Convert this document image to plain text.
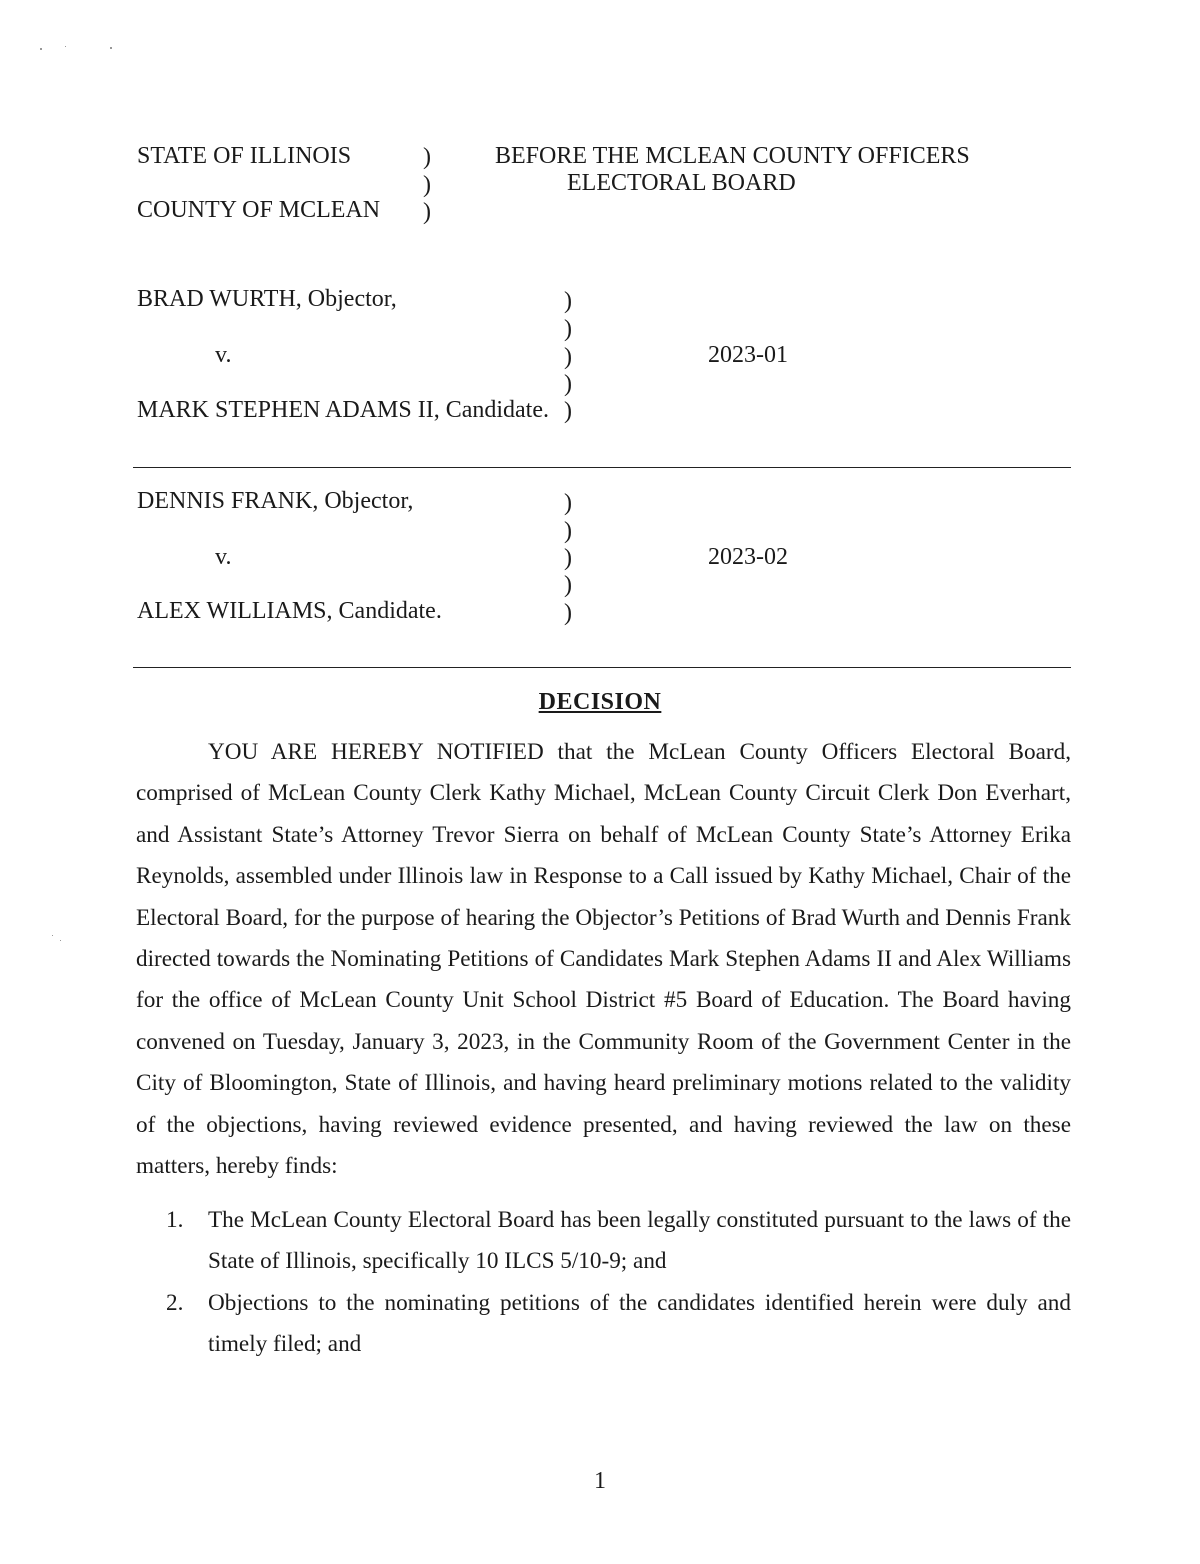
STATE OF ILLINOIS	)
)
)
COUNTY OF MCLEAN
BEFORE THE MCLEAN COUNTY OFFICERS
ELECTORAL BOARD
BRAD WURTH, Objector,
v.
MARK STEPHEN ADAMS II, Candidate.
2023-01
)
)
)
)
)
DENNIS FRANK, Objector,
v.
ALEX WILLIAMS, Candidate.
2023-02
)
)
)
)
)
DECISION
YOU ARE HEREBY NOTIFIED that the McLean County Officers Electoral Board, comprised of McLean County Clerk Kathy Michael, McLean County Circuit Clerk Don Everhart, and Assistant State’s Attorney Trevor Sierra on behalf of McLean County State’s Attorney Erika Reynolds, assembled under Illinois law in Response to a Call issued by Kathy Michael, Chair of the Electoral Board, for the purpose of hearing the Objector’s Petitions of Brad Wurth and Dennis Frank directed towards the Nominating Petitions of Candidates Mark Stephen Adams II and Alex Williams for the office of McLean County Unit School District #5 Board of Education. The Board having convened on Tuesday, January 3, 2023, in the Community Room of the Government Center in the City of Bloomington, State of Illinois, and having heard preliminary motions related to the validity of the objections, having reviewed evidence presented, and having reviewed the law on these matters, hereby finds:
1. The McLean County Electoral Board has been legally constituted pursuant to the laws of the State of Illinois, specifically 10 ILCS 5/10-9; and
2. Objections to the nominating petitions of the candidates identified herein were duly and timely filed; and
1
